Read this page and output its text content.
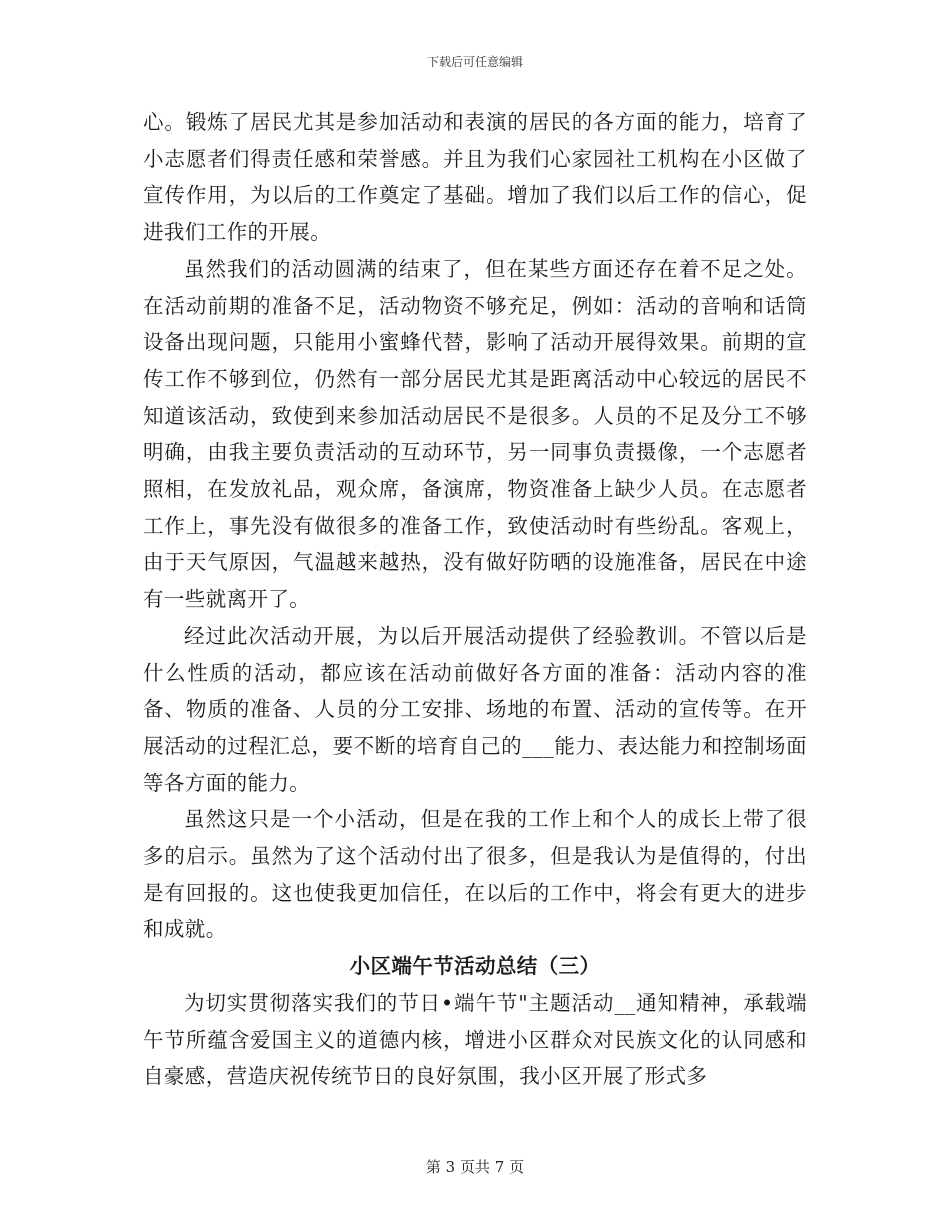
下载后可任意编辑

心。锻炼了居民尤其是参加活动和表演的居民的各方面的能力，培育了小志愿者们得责任感和荣誉感。并且为我们心家园社工机构在小区做了宣传作用，为以后的工作奠定了基础。增加了我们以后工作的信心，促进我们工作的开展。

虽然我们的活动圆满的结束了，但在某些方面还存在着不足之处。在活动前期的准备不足，活动物资不够充足，例如：活动的音响和话筒设备出现问题，只能用小蜜蜂代替，影响了活动开展得效果。前期的宣传工作不够到位，仍然有一部分居民尤其是距离活动中心较远的居民不知道该活动，致使到来参加活动居民不是很多。人员的不足及分工不够明确，由我主要负责活动的互动环节，另一同事负责摄像，一个志愿者照相，在发放礼品，观众席，备演席，物资准备上缺少人员。在志愿者工作上，事先没有做很多的准备工作，致使活动时有些纷乱。客观上，由于天气原因，气温越来越热，没有做好防晒的设施准备，居民在中途有一些就离开了。

经过此次活动开展，为以后开展活动提供了经验教训。不管以后是什么性质的活动，都应该在活动前做好各方面的准备：活动内容的准备、物质的准备、人员的分工安排、场地的布置、活动的宣传等。在开展活动的过程汇总，要不断的培育自己的___能力、表达能力和控制场面等各方面的能力。

虽然这只是一个小活动，但是在我的工作上和个人的成长上带了很多的启示。虽然为了这个活动付出了很多，但是我认为是值得的，付出是有回报的。这也使我更加信任，在以后的工作中，将会有更大的进步和成就。

小区端午节活动总结（三）

为切实贯彻落实我们的节日•端午节"主题活动__通知精神，承载端午节所蕴含爱国主义的道德内核，增进小区群众对民族文化的认同感和自豪感，营造庆祝传统节日的良好氛围，我小区开展了形式多

第 3 页共 7 页
